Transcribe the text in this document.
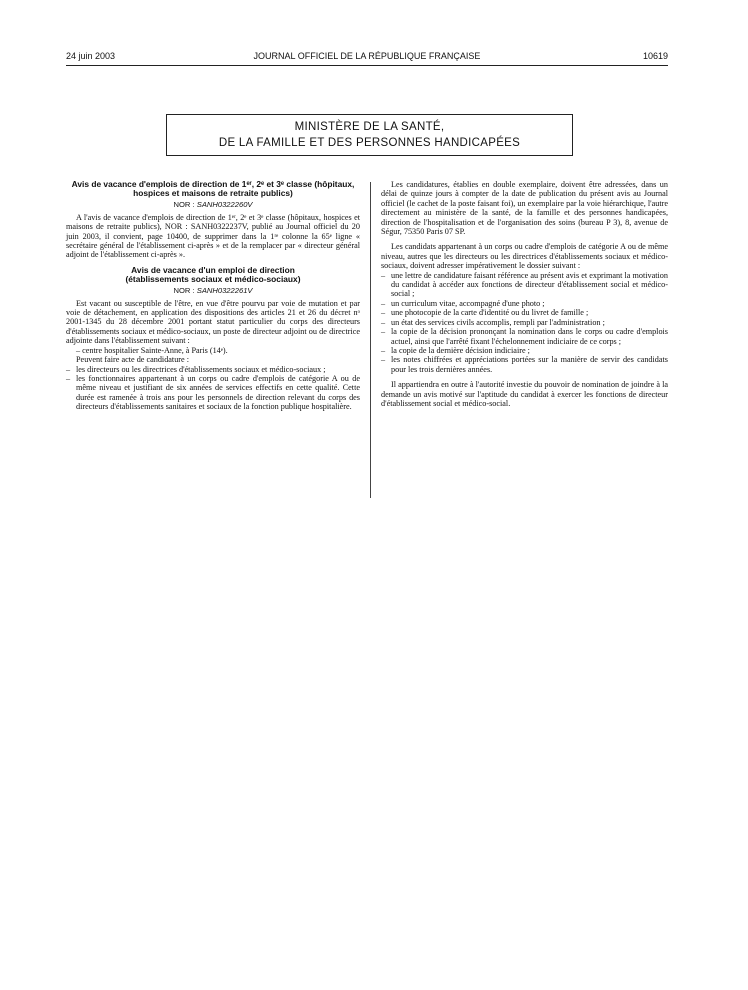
24 juin 2003	JOURNAL OFFICIEL DE LA RÉPUBLIQUE FRANÇAISE	10619
MINISTÈRE DE LA SANTÉ,
DE LA FAMILLE ET DES PERSONNES HANDICAPÉES
Avis de vacance d'emplois de direction de 1ᵉʳ, 2ᵉ et 3ᵉ classe (hôpitaux, hospices et maisons de retraite publics)
NOR : SANH0322260V

A l'avis de vacance d'emplois de direction de 1ᵉʳ, 2ᵉ et 3ᵉ classe (hôpitaux, hospices et maisons de retraite publics), NOR : SANH0322237V, publié au Journal officiel du 20 juin 2003, il convient, page 10400, de supprimer dans la 1ʳᵉ colonne la 65ᵉ ligne « secrétaire général de l'établissement ci-après » et de la remplacer par « directeur général adjoint de l'établissement ci-après ».

Avis de vacance d'un emploi de direction
(établissements sociaux et médico-sociaux)
NOR : SANH0322261V

Est vacant ou susceptible de l'être, en vue d'être pourvu par voie de mutation et par voie de détachement, en application des dispositions des articles 21 et 26 du décret nᵒ 2001-1345 du 28 décembre 2001 portant statut particulier du corps des directeurs d'établissements sociaux et médico-sociaux, un poste de directeur adjoint ou de directrice adjointe dans l'établissement suivant :

– centre hospitalier Sainte-Anne, à Paris (14ᵉ).

Peuvent faire acte de candidature :

– les directeurs ou les directrices d'établissements sociaux et médico-sociaux ;
– les fonctionnaires appartenant à un corps ou cadre d'emplois de catégorie A ou de même niveau et justifiant de six années de services effectifs en cette qualité. Cette durée est ramenée à trois ans pour les personnels de direction relevant du corps des directeurs d'établissements sanitaires et sociaux de la fonction publique hospitalière.

Les candidatures, établies en double exemplaire, doivent être adressées, dans un délai de quinze jours à compter de la date de publication du présent avis au Journal officiel (le cachet de la poste faisant foi), un exemplaire par la voie hiérarchique, l'autre directement au ministère de la santé, de la famille et des personnes handicapées, direction de l'hospitalisation et de l'organisation des soins (bureau P 3), 8, avenue de Ségur, 75350 Paris 07 SP.

Les candidats appartenant à un corps ou cadre d'emplois de catégorie A ou de même niveau, autres que les directeurs ou les directrices d'établissements sociaux et médico-sociaux, doivent adresser impérativement le dossier suivant :

– une lettre de candidature faisant référence au présent avis et exprimant la motivation du candidat à accéder aux fonctions de directeur d'établissement social et médico-social ;
– un curriculum vitae, accompagné d'une photo ;
– une photocopie de la carte d'identité ou du livret de famille ;
– un état des services civils accomplis, rempli par l'administration ;
– la copie de la décision prononçant la nomination dans le corps ou cadre d'emplois actuel, ainsi que l'arrêté fixant l'échelonnement indiciaire de ce corps ;
– la copie de la dernière décision indiciaire ;
– les notes chiffrées et appréciations portées sur la manière de servir des candidats pour les trois dernières années.

Il appartiendra en outre à l'autorité investie du pouvoir de nomination de joindre à la demande un avis motivé sur l'aptitude du candidat à exercer les fonctions de directeur d'établissement social et médico-social.
